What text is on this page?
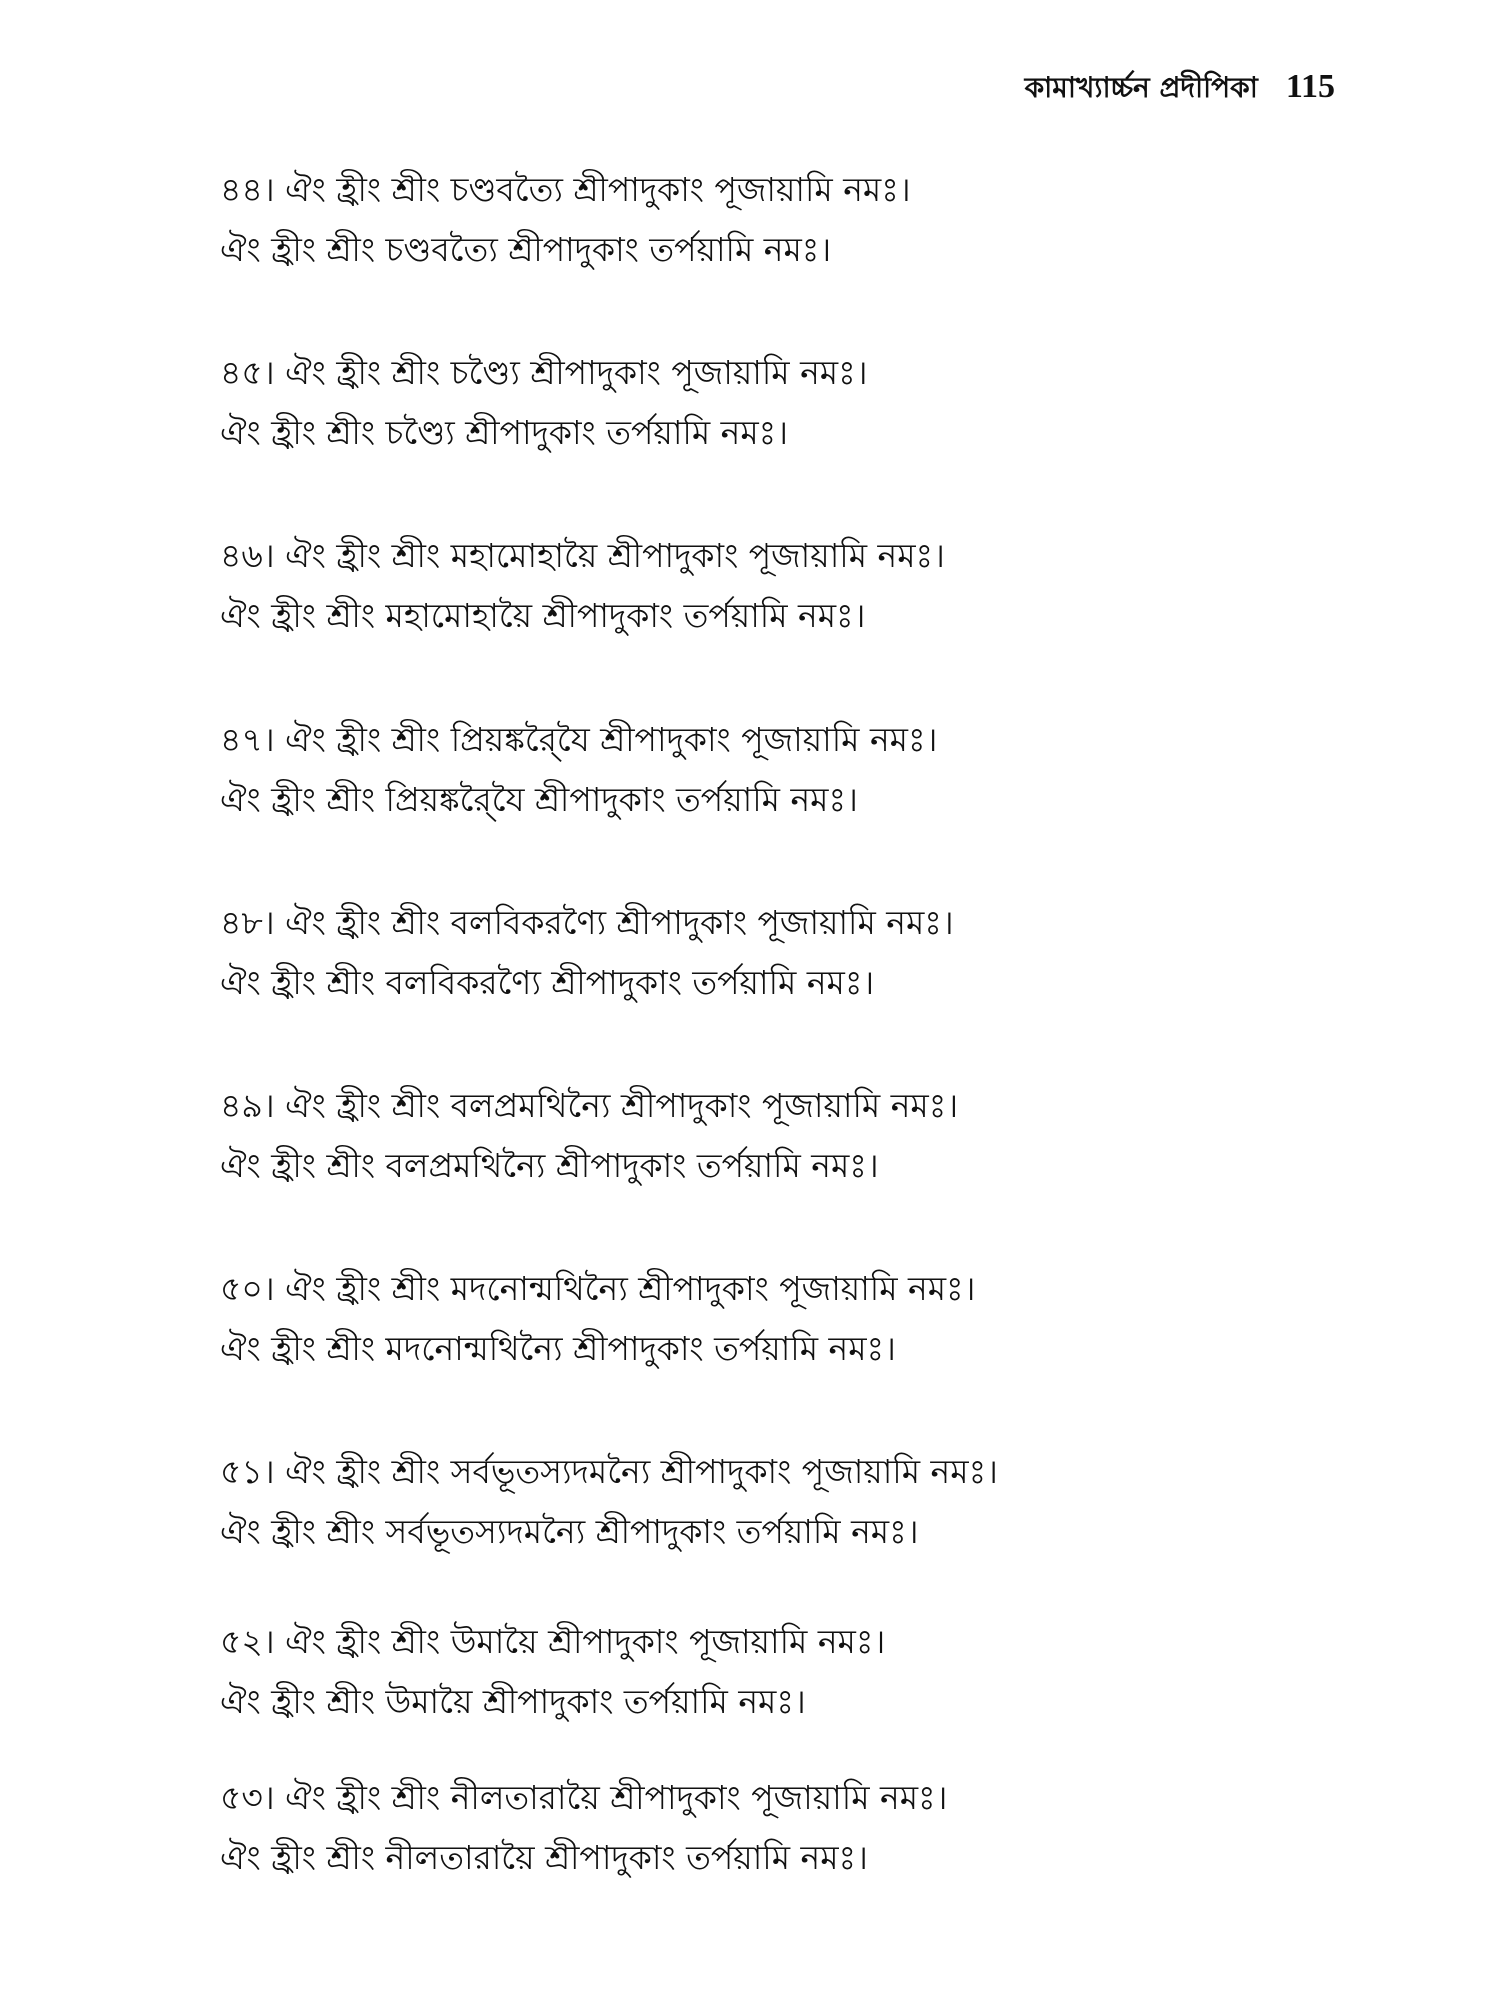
কামাখ্যার্চ্চন প্রদীপিকা 115
৪৪। ঐং হ্রীং শ্রীং চণ্ডবত্যৈ শ্রীপাদুকাং পূজায়ামি নমঃ।
ঐং হ্রীং শ্রীং চণ্ডবত্যৈ শ্রীপাদুকাং তর্পয়ামি নমঃ।
৪৫। ঐং হ্রীং শ্রীং চণ্ড্যৈ শ্রীপাদুকাং পূজায়ামি নমঃ।
ঐং হ্রীং শ্রীং চণ্ড্যৈ শ্রীপাদুকাং তর্পয়ামি নমঃ।
৪৬। ঐং হ্রীং শ্রীং মহামোহায়ৈ শ্রীপাদুকাং পূজায়ামি নমঃ।
ঐং হ্রীং শ্রীং মহামোহায়ৈ শ্রীপাদুকাং তর্পয়ামি নমঃ।
৪৭। ঐং হ্রীং শ্রীং প্রিয়ঙ্করৈ্যৈ শ্রীপাদুকাং পূজায়ামি নমঃ।
ঐং হ্রীং শ্রীং প্রিয়ঙ্করৈ্যৈ শ্রীপাদুকাং তর্পয়ামি নমঃ।
৪৮। ঐং হ্রীং শ্রীং বলবিকরণ্যৈ শ্রীপাদুকাং পূজায়ামি নমঃ।
ঐং হ্রীং শ্রীং বলবিকরণ্যৈ শ্রীপাদুকাং তর্পয়ামি নমঃ।
৪৯। ঐং হ্রীং শ্রীং বলপ্রমথিন্যৈ শ্রীপাদুকাং পূজায়ামি নমঃ।
ঐং হ্রীং শ্রীং বলপ্রমথিন্যৈ শ্রীপাদুকাং তর্পয়ামি নমঃ।
৫০। ঐং হ্রীং শ্রীং মদনোন্মথিন্যৈ শ্রীপাদুকাং পূজায়ামি নমঃ।
ঐং হ্রীং শ্রীং মদনোন্মথিন্যৈ শ্রীপাদুকাং তর্পয়ামি নমঃ।
৫১। ঐং হ্রীং শ্রীং সর্বভূতস্যদমন্যৈ শ্রীপাদুকাং পূজায়ামি নমঃ।
ঐং হ্রীং শ্রীং সর্বভূতস্যদমন্যৈ শ্রীপাদুকাং তর্পয়ামি নমঃ।
৫২। ঐং হ্রীং শ্রীং উমায়ৈ শ্রীপাদুকাং পূজায়ামি নমঃ।
ঐং হ্রীং শ্রীং উমায়ৈ শ্রীপাদুকাং তর্পয়ামি নমঃ।
৫৩। ঐং হ্রীং শ্রীং নীলতারায়ৈ শ্রীপাদুকাং পূজায়ামি নমঃ।
ঐং হ্রীং শ্রীং নীলতারায়ৈ শ্রীপাদুকাং তর্পয়ামি নমঃ।
